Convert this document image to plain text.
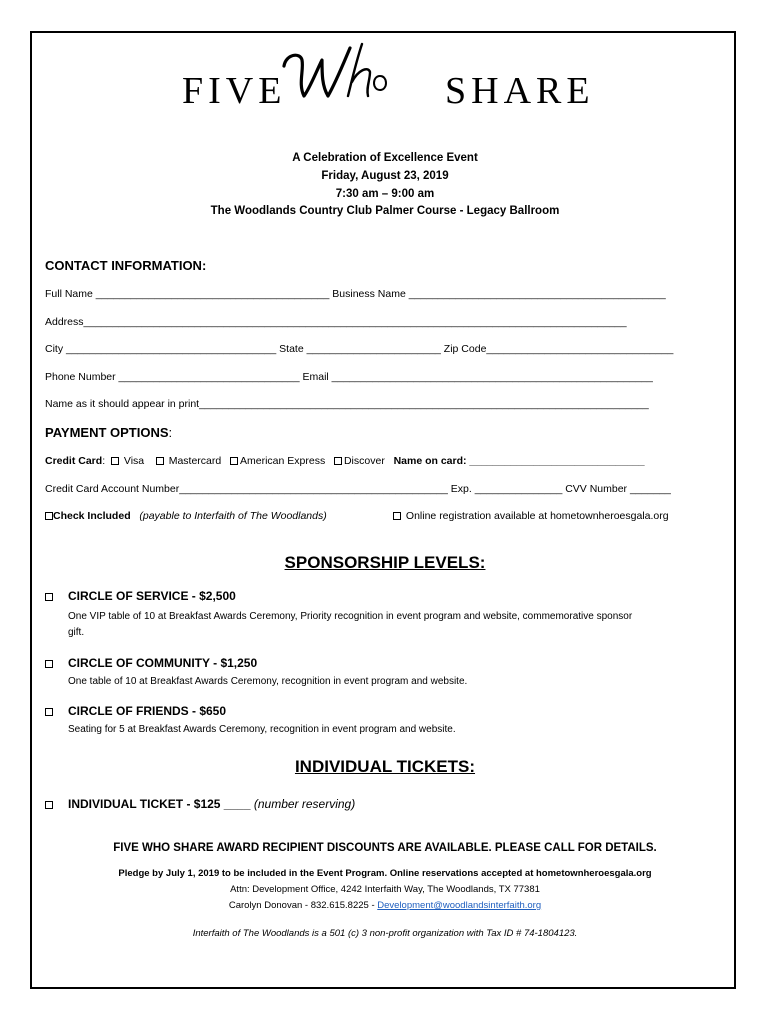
FIVE	Who SHARE
A Celebration of Excellence Event
Friday, August 23, 2019
7:30 am – 9:00 am
The Woodlands Country Club Palmer Course - Legacy Ballroom
CONTACT INFORMATION:
Full Name ________________________________________ Business Name ____________________________________________
Address_____________________________________________________________________________________________
City ____________________________________ State _______________________ Zip Code________________________________
Phone Number _______________________________ Email _______________________________________________________
Name as it should appear in print_____________________________________________________________________________
PAYMENT OPTIONS:
Credit Card: Visa Mastercard American Express Discover Name on card: ______________________________
Credit Card Account Number______________________________________________ Exp. _______________ CVV Number _______
Check Included (payable to Interfaith of The Woodlands)	Online registration available at hometownheroesgala.org
SPONSORSHIP LEVELS:
CIRCLE OF SERVICE - $2,500
One VIP table of 10 at Breakfast Awards Ceremony, Priority recognition in event program and website, commemorative sponsor
gift.
CIRCLE OF COMMUNITY - $1,250
One table of 10 at Breakfast Awards Ceremony, recognition in event program and website.
CIRCLE OF FRIENDS - $650
Seating for 5 at Breakfast Awards Ceremony, recognition in event program and website.
INDIVIDUAL TICKETS:
INDIVIDUAL TICKET - $125 ____ (number reserving)
FIVE WHO SHARE AWARD RECIPIENT DISCOUNTS ARE AVAILABLE. PLEASE CALL FOR DETAILS.
Pledge by July 1, 2019 to be included in the Event Program. Online reservations accepted at hometownheroesgala.org
Attn: Development Office, 4242 Interfaith Way, The Woodlands, TX 77381
Carolyn Donovan - 832.615.8225 - Development@woodlandsinterfaith.org
Interfaith of The Woodlands is a 501 (c) 3 non-profit organization with Tax ID # 74-1804123.
